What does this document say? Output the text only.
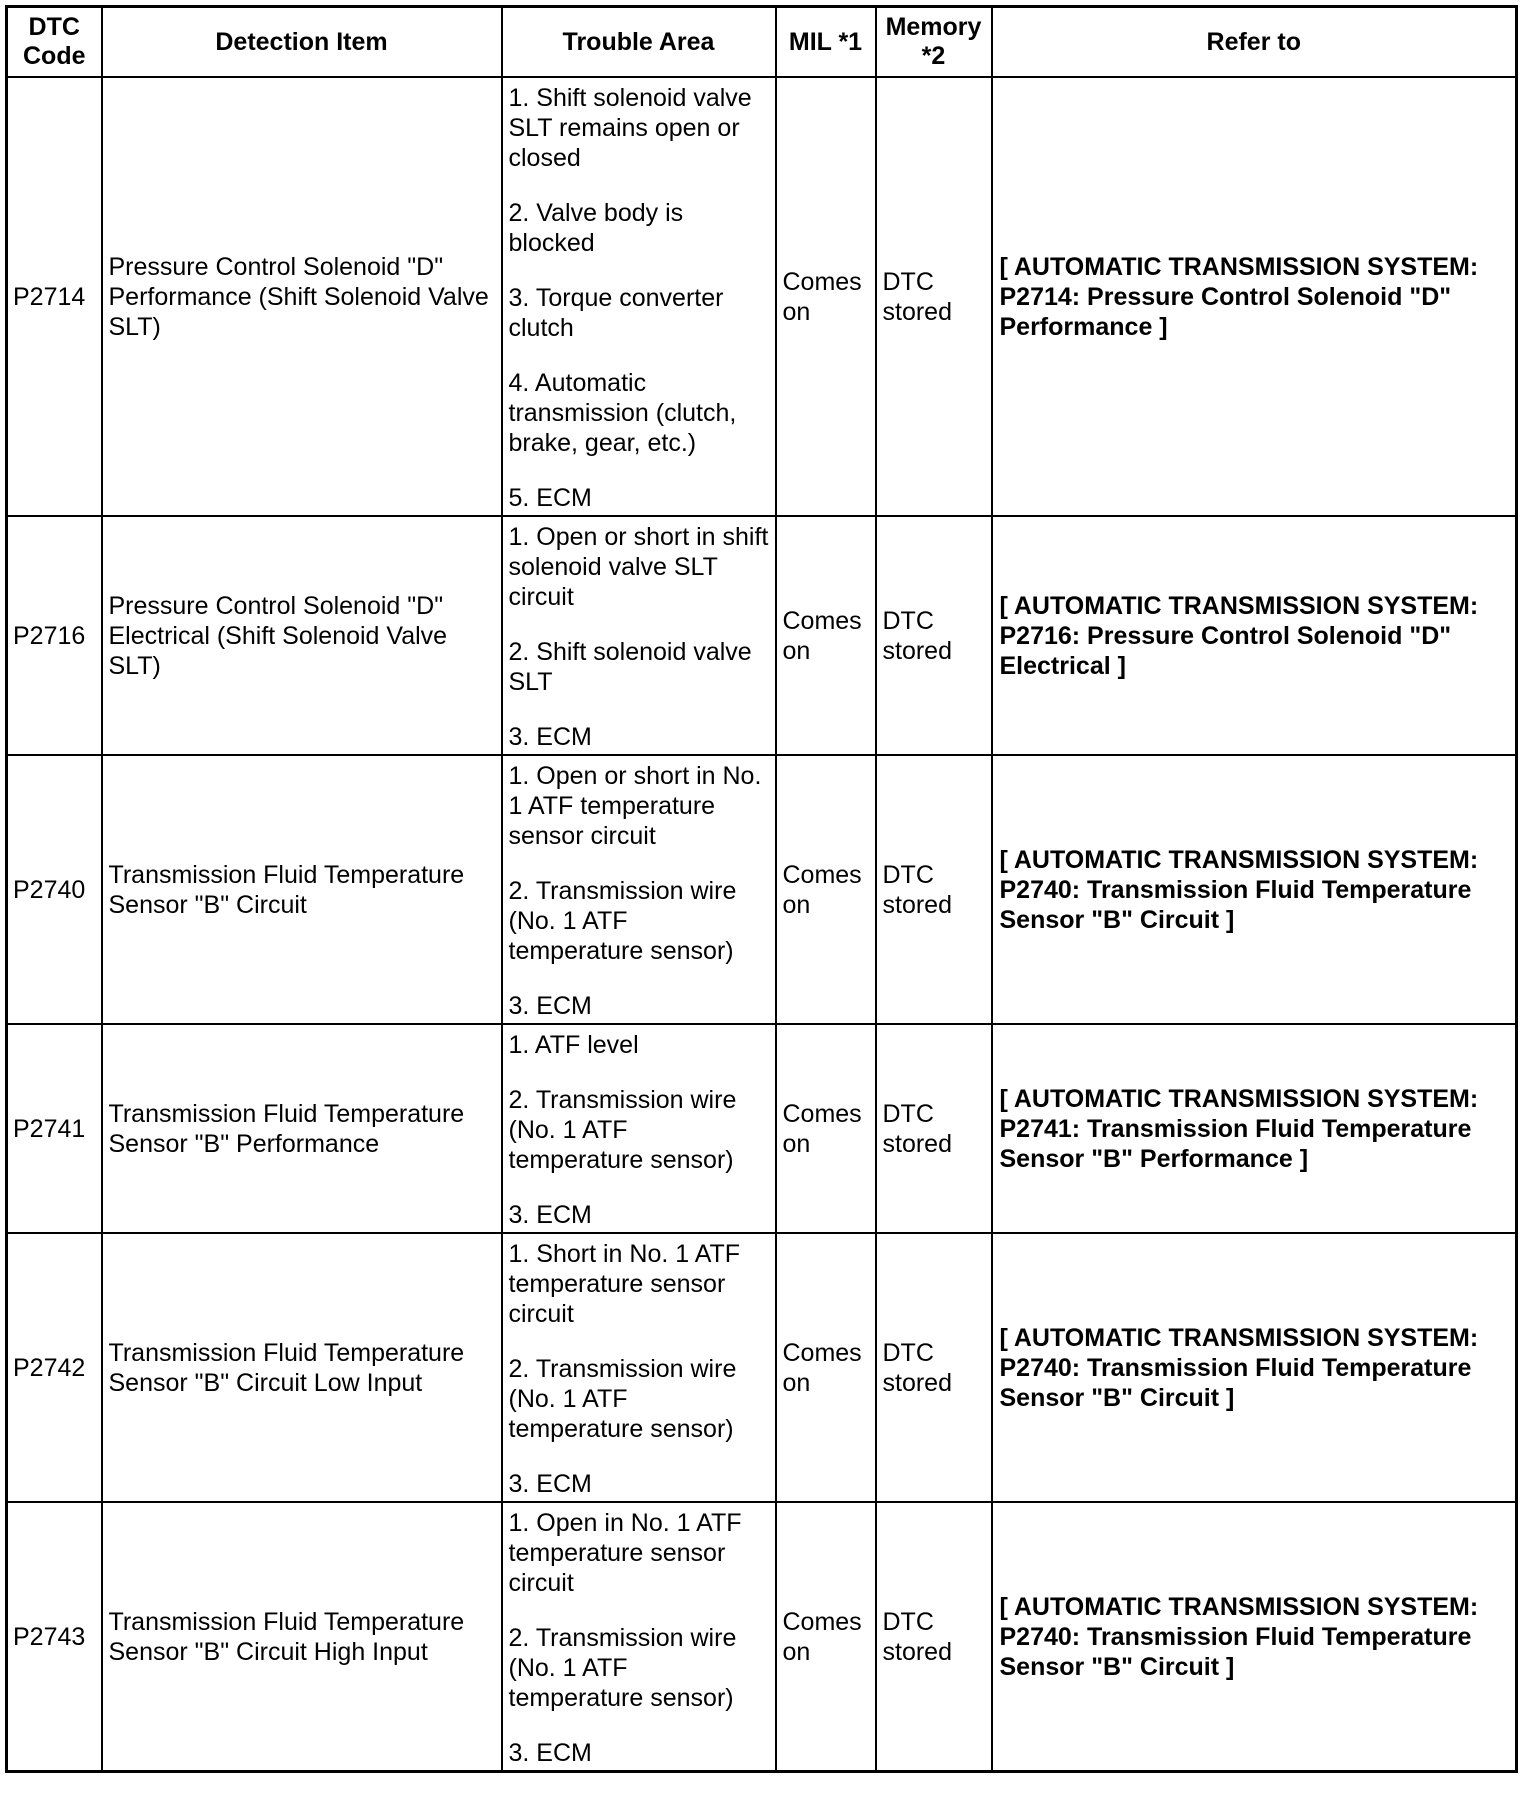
DTC Code	Detection Item	Trouble Area	MIL *1	Memory *2	Refer to
P2714	Pressure Control Solenoid "D" Performance (Shift Solenoid Valve SLT)	1. Shift solenoid valve SLT remains open or closed
2. Valve body is blocked
3. Torque converter clutch
4. Automatic transmission (clutch, brake, gear, etc.)
5. ECM	Comes on	DTC stored	[ AUTOMATIC TRANSMISSION SYSTEM: P2714: Pressure Control Solenoid "D" Performance ]
P2716	Pressure Control Solenoid "D" Electrical (Shift Solenoid Valve SLT)	1. Open or short in shift solenoid valve SLT circuit
2. Shift solenoid valve SLT
3. ECM	Comes on	DTC stored	[ AUTOMATIC TRANSMISSION SYSTEM: P2716: Pressure Control Solenoid "D" Electrical ]
P2740	Transmission Fluid Temperature Sensor "B" Circuit	1. Open or short in No. 1 ATF temperature sensor circuit
2. Transmission wire (No. 1 ATF temperature sensor)
3. ECM	Comes on	DTC stored	[ AUTOMATIC TRANSMISSION SYSTEM: P2740: Transmission Fluid Temperature Sensor "B" Circuit ]
P2741	Transmission Fluid Temperature Sensor "B" Performance	1. ATF level
2. Transmission wire (No. 1 ATF temperature sensor)
3. ECM	Comes on	DTC stored	[ AUTOMATIC TRANSMISSION SYSTEM: P2741: Transmission Fluid Temperature Sensor "B" Performance ]
P2742	Transmission Fluid Temperature Sensor "B" Circuit Low Input	1. Short in No. 1 ATF temperature sensor circuit
2. Transmission wire (No. 1 ATF temperature sensor)
3. ECM	Comes on	DTC stored	[ AUTOMATIC TRANSMISSION SYSTEM: P2740: Transmission Fluid Temperature Sensor "B" Circuit ]
P2743	Transmission Fluid Temperature Sensor "B" Circuit High Input	1. Open in No. 1 ATF temperature sensor circuit
2. Transmission wire (No. 1 ATF temperature sensor)
3. ECM	Comes on	DTC stored	[ AUTOMATIC TRANSMISSION SYSTEM: P2740: Transmission Fluid Temperature Sensor "B" Circuit ]
